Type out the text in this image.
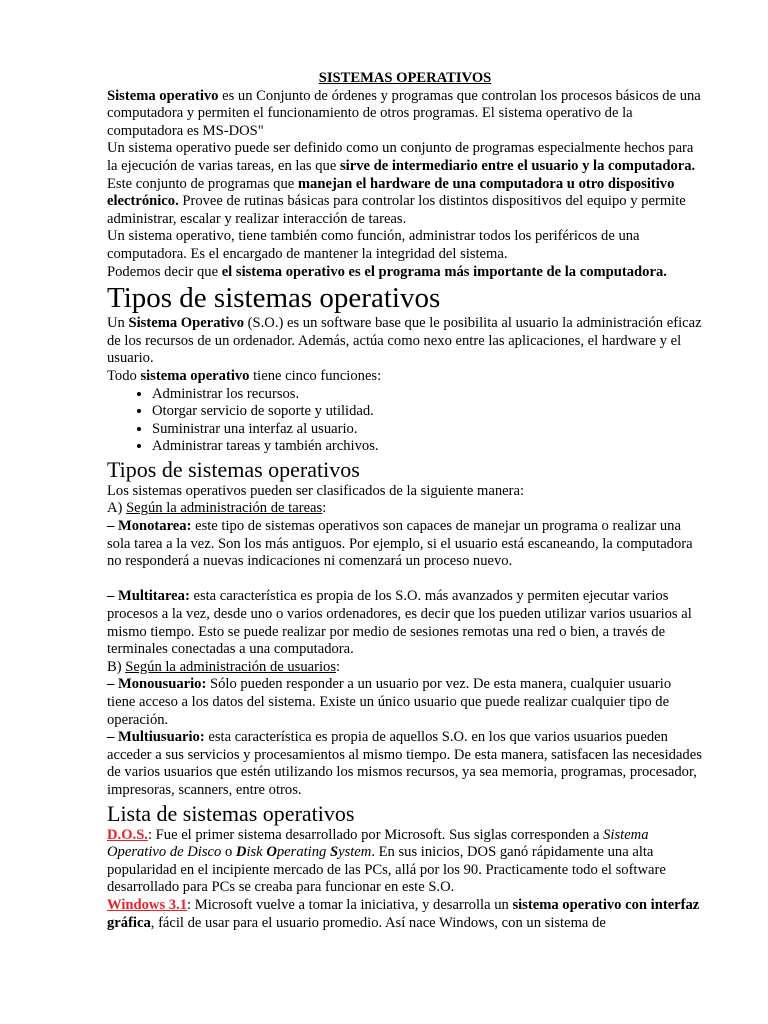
SISTEMAS OPERATIVOS

Sistema operativo es un Conjunto de órdenes y programas que controlan los procesos básicos de una computadora y permiten el funcionamiento de otros programas. El sistema operativo de la computadora es MS-DOS"

Un sistema operativo puede ser definido como un conjunto de programas especialmente hechos para la ejecución de varias tareas, en las que sirve de intermediario entre el usuario y la computadora. Este conjunto de programas que manejan el hardware de una computadora u otro dispositivo electrónico. Provee de rutinas básicas para controlar los distintos dispositivos del equipo y permite administrar, escalar y realizar interacción de tareas.

Un sistema operativo, tiene también como función, administrar todos los periféricos de una computadora. Es el encargado de mantener la integridad del sistema.

Podemos decir que el sistema operativo es el programa más importante de la computadora.

Tipos de sistemas operativos

Un Sistema Operativo (S.O.) es un software base que le posibilita al usuario la administración eficaz de los recursos de un ordenador. Además, actúa como nexo entre las aplicaciones, el hardware y el usuario.

Todo sistema operativo tiene cinco funciones:

• Administrar los recursos.
• Otorgar servicio de soporte y utilidad.
• Suministrar una interfaz al usuario.
• Administrar tareas y también archivos.
Tipos de sistemas operativos

Los sistemas operativos pueden ser clasificados de la siguiente manera:

A) Según la administración de tareas:

– Monotarea: este tipo de sistemas operativos son capaces de manejar un programa o realizar una sola tarea a la vez. Son los más antiguos. Por ejemplo, si el usuario está escaneando, la computadora no responderá a nuevas indicaciones ni comenzará un proceso nuevo.

– Multitarea: esta característica es propia de los S.O. más avanzados y permiten ejecutar varios procesos a la vez, desde uno o varios ordenadores, es decir que los pueden utilizar varios usuarios al mismo tiempo. Esto se puede realizar por medio de sesiones remotas una red o bien, a través de terminales conectadas a una computadora.

B) Según la administración de usuarios:

– Monousuario: Sólo pueden responder a un usuario por vez. De esta manera, cualquier usuario tiene acceso a los datos del sistema. Existe un único usuario que puede realizar cualquier tipo de operación.

– Multiusuario: esta característica es propia de aquellos S.O. en los que varios usuarios pueden acceder a sus servicios y procesamientos al mismo tiempo. De esta manera, satisfacen las necesidades de varios usuarios que estén utilizando los mismos recursos, ya sea memoria, programas, procesador, impresoras, scanners, entre otros.

Lista de sistemas operativos

D.O.S.: Fue el primer sistema desarrollado por Microsoft. Sus siglas corresponden a Sistema Operativo de Disco o Disk Operating System. En sus inicios, DOS ganó rápidamente una alta popularidad en el incipiente mercado de las PCs, allá por los 90. Practicamente todo el software desarrollado para PCs se creaba para funcionar en este S.O.

Windows 3.1: Microsoft vuelve a tomar la iniciativa, y desarrolla un sistema operativo con interfaz gráfica, fácil de usar para el usuario promedio. Así nace Windows, con un sistema de
